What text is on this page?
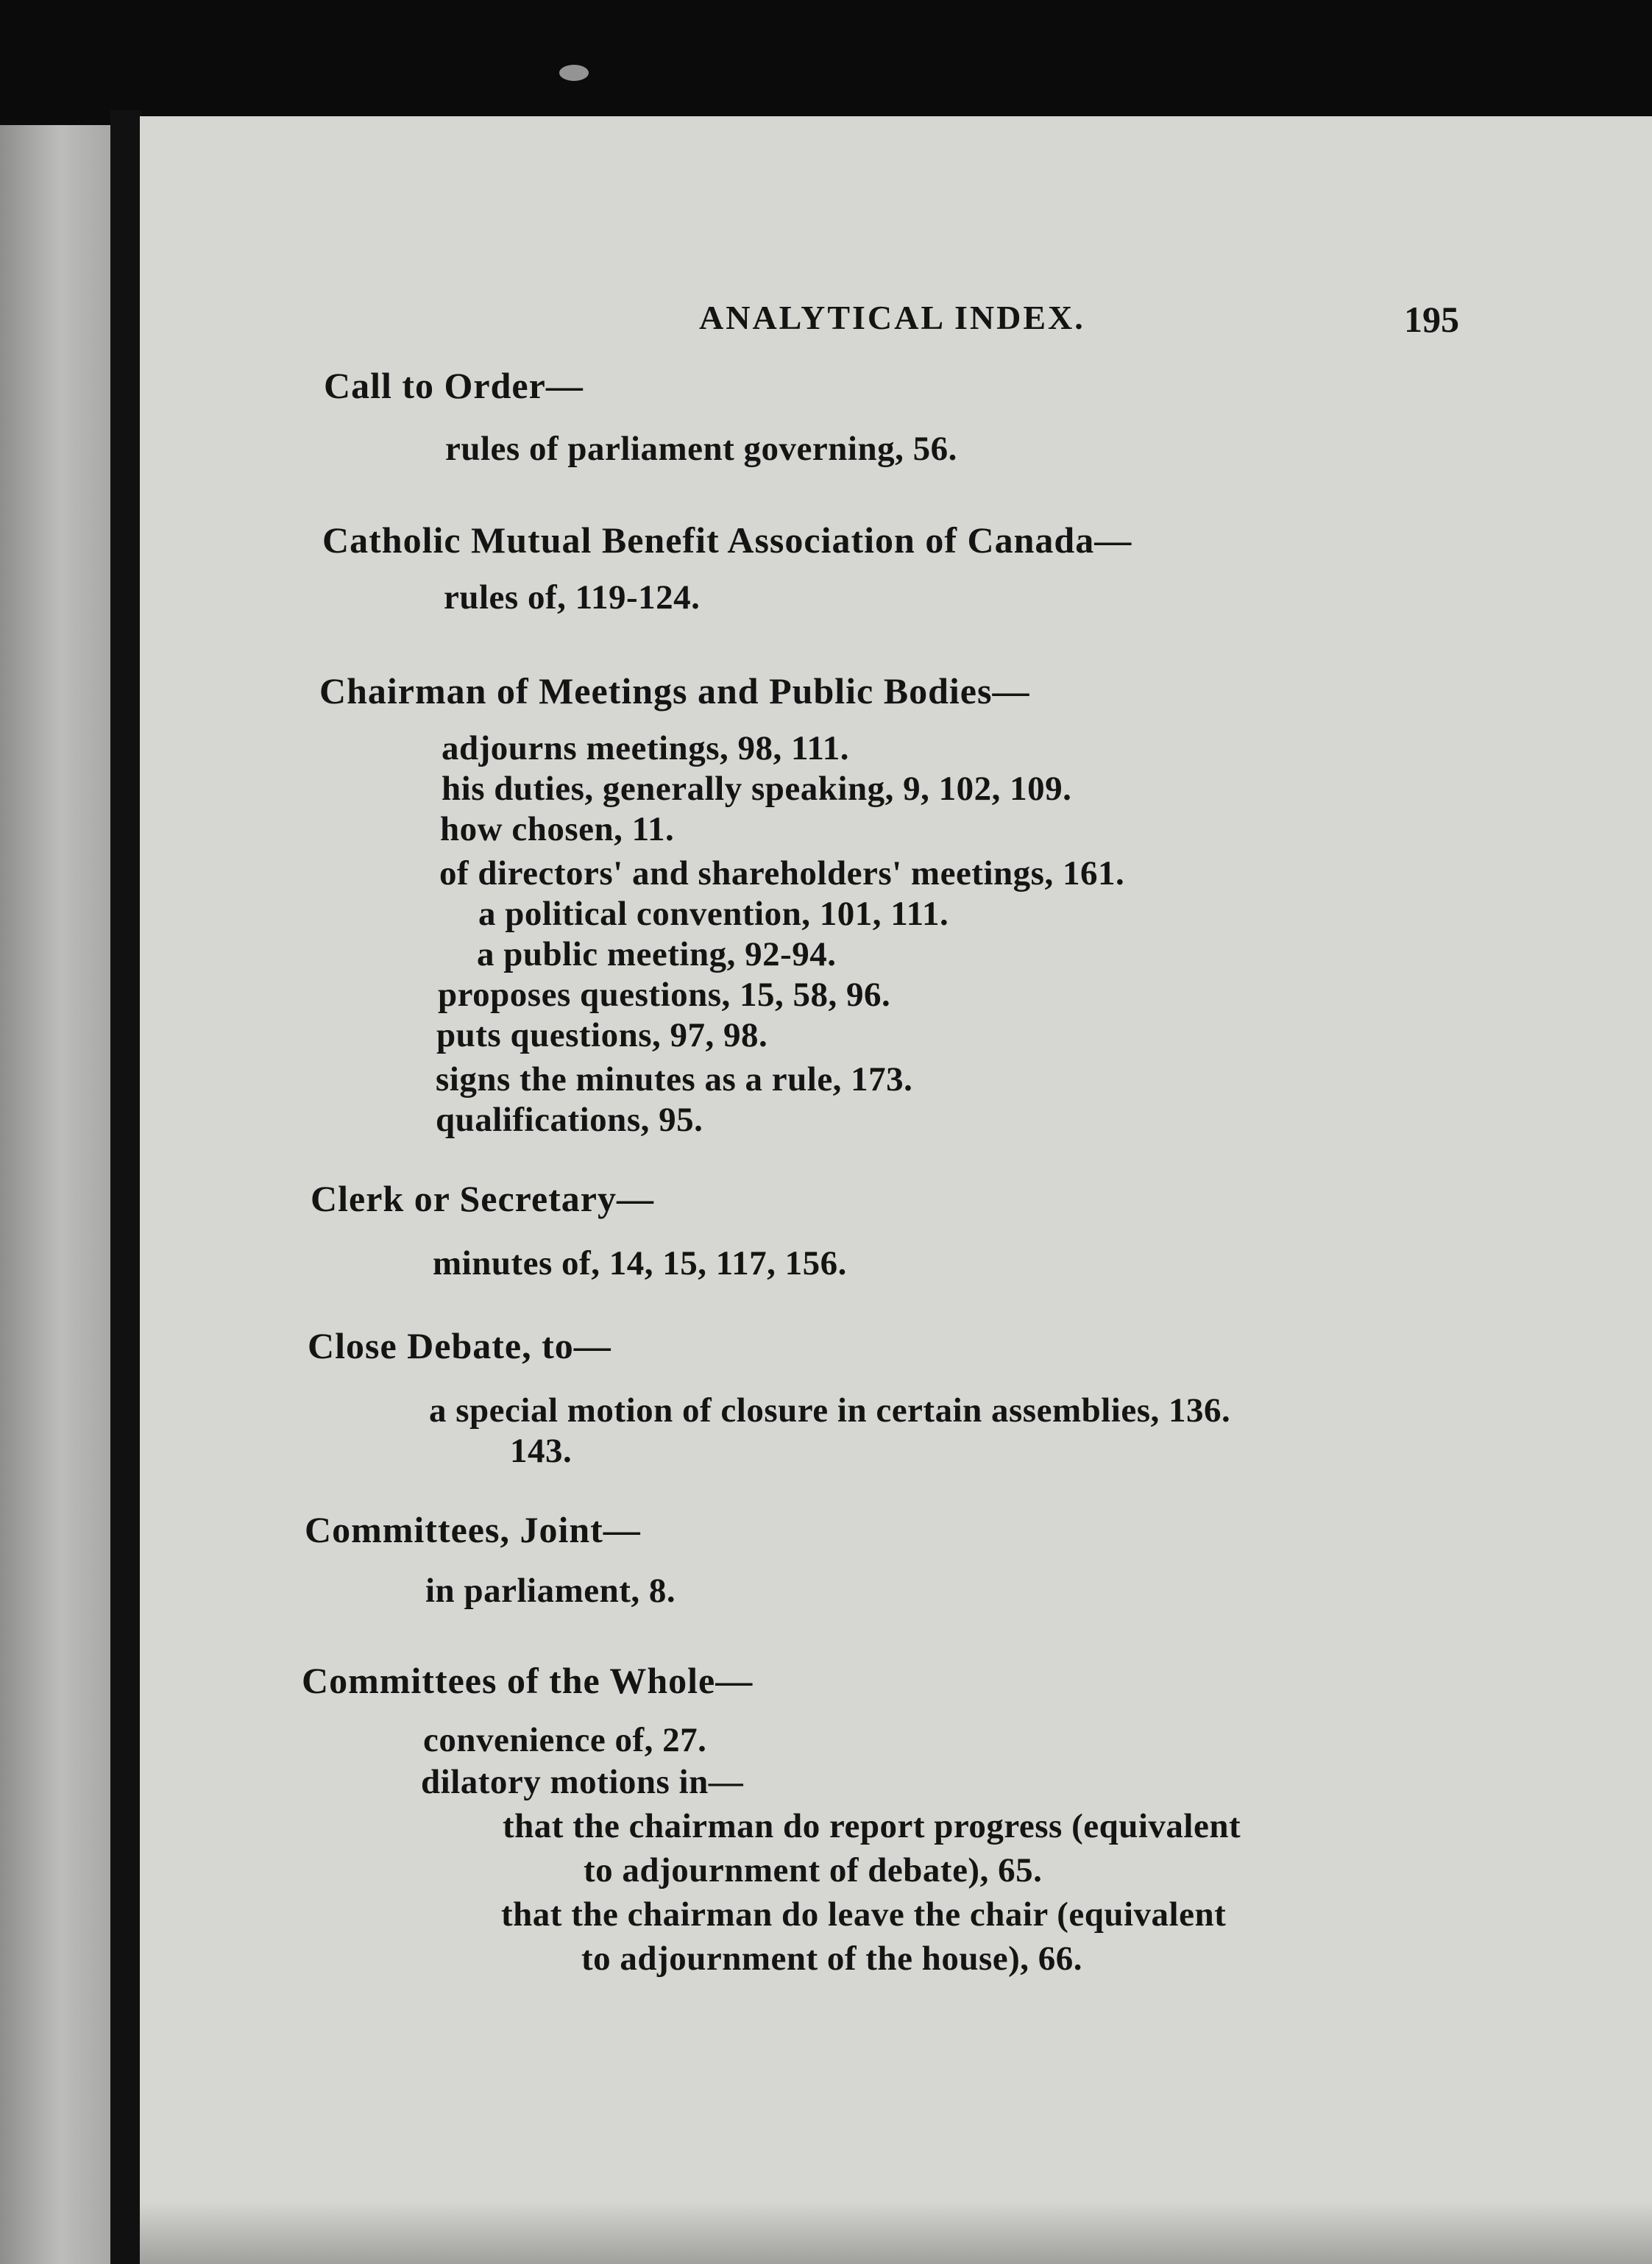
ANALYTICAL INDEX.	195
Call to Order—
rules of parliament governing, 56.
Catholic Mutual Benefit Association of Canada—
rules of, 119-124.
Chairman of Meetings and Public Bodies—
adjourns meetings, 98, 111.
his duties, generally speaking, 9, 102, 109.
how chosen, 11.
of directors' and shareholders' meetings, 161.
a political convention, 101, 111.
a public meeting, 92-94.
proposes questions, 15, 58, 96.
puts questions, 97, 98.
signs the minutes as a rule, 173.
qualifications, 95.
Clerk or Secretary—
minutes of, 14, 15, 117, 156.
Close Debate, to—
a special motion of closure in certain assemblies, 136.
143.
Committees, Joint—
in parliament, 8.
Committees of the Whole—
convenience of, 27.
dilatory motions in—
that the chairman do report progress (equivalent
to adjournment of debate), 65.
that the chairman do leave the chair (equivalent
to adjournment of the house), 66.
